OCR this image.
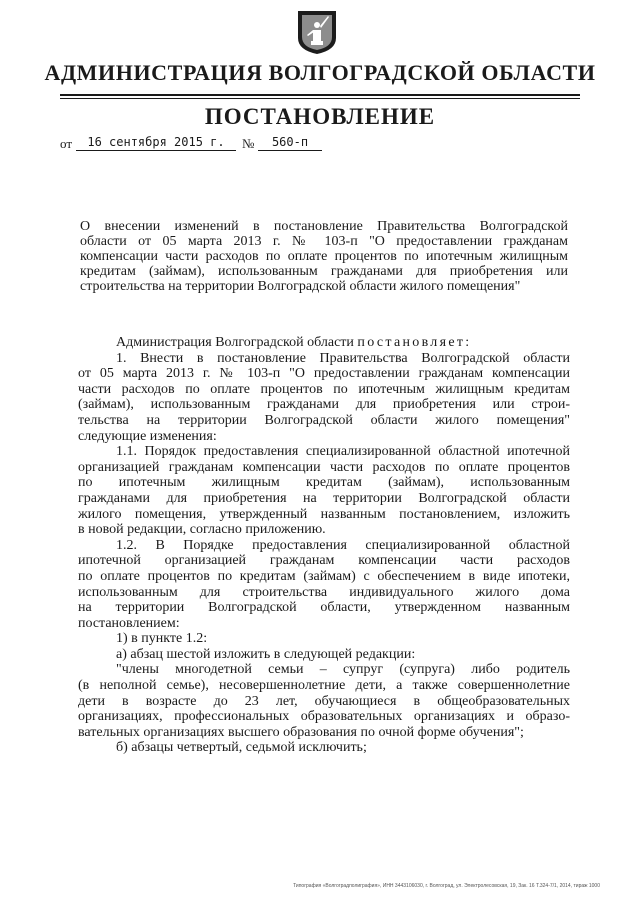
АДМИНИСТРАЦИЯ ВОЛГОГРАДСКОЙ ОБЛАСТИ
ПОСТАНОВЛЕНИЕ
от	16 сентября 2015 г.	№	560-п
О внесении изменений в постановление Правительства Волгоградской
области от 05 марта 2013 г. № 103-п "О предоставлении гражданам
компенсации части расходов по оплате процентов по ипотечным жилищным
кредитам (займам), использованным гражданами для приобретения или
строительства на территории Волгоградской области жилого помещения"
Администрация Волгоградской области постановляет:
1. Внести в постановление Правительства Волгоградской области
от 05 марта 2013 г. № 103-п "О предоставлении гражданам компенсации
части расходов по оплате процентов по ипотечным жилищным кредитам
(займам), использованным гражданами для приобретения или строи-
тельства на территории Волгоградской области жилого помещения"
следующие изменения:
1.1. Порядок предоставления специализированной областной ипотечной
организацией гражданам компенсации части расходов по оплате процентов
по ипотечным жилищным кредитам (займам), использованным
гражданами для приобретения на территории Волгоградской области
жилого помещения, утвержденный названным постановлением, изложить
в новой редакции, согласно приложению.
1.2. В Порядке предоставления специализированной областной
ипотечной организацией гражданам компенсации части расходов
по оплате процентов по кредитам (займам) с обеспечением в виде ипотеки,
использованным для строительства индивидуального жилого дома
на территории Волгоградской области, утвержденном названным
постановлением:
1) в пункте 1.2:
а) абзац шестой изложить в следующей редакции:
"члены многодетной семьи – супруг (супруга) либо родитель
(в неполной семье), несовершеннолетние дети, а также совершеннолетние
дети в возрасте до 23 лет, обучающиеся в общеобразовательных
организациях, профессиональных образовательных организациях и образо-
вательных организациях высшего образования по очной форме обучения";
б) абзацы четвертый, седьмой исключить;
Типография «Волгоградполиграфия», ИНН 3443106030, г. Волгоград, ул. Электролесовская, 19, Зак. 16 Т.324-7/1, 2014, тираж 1000
